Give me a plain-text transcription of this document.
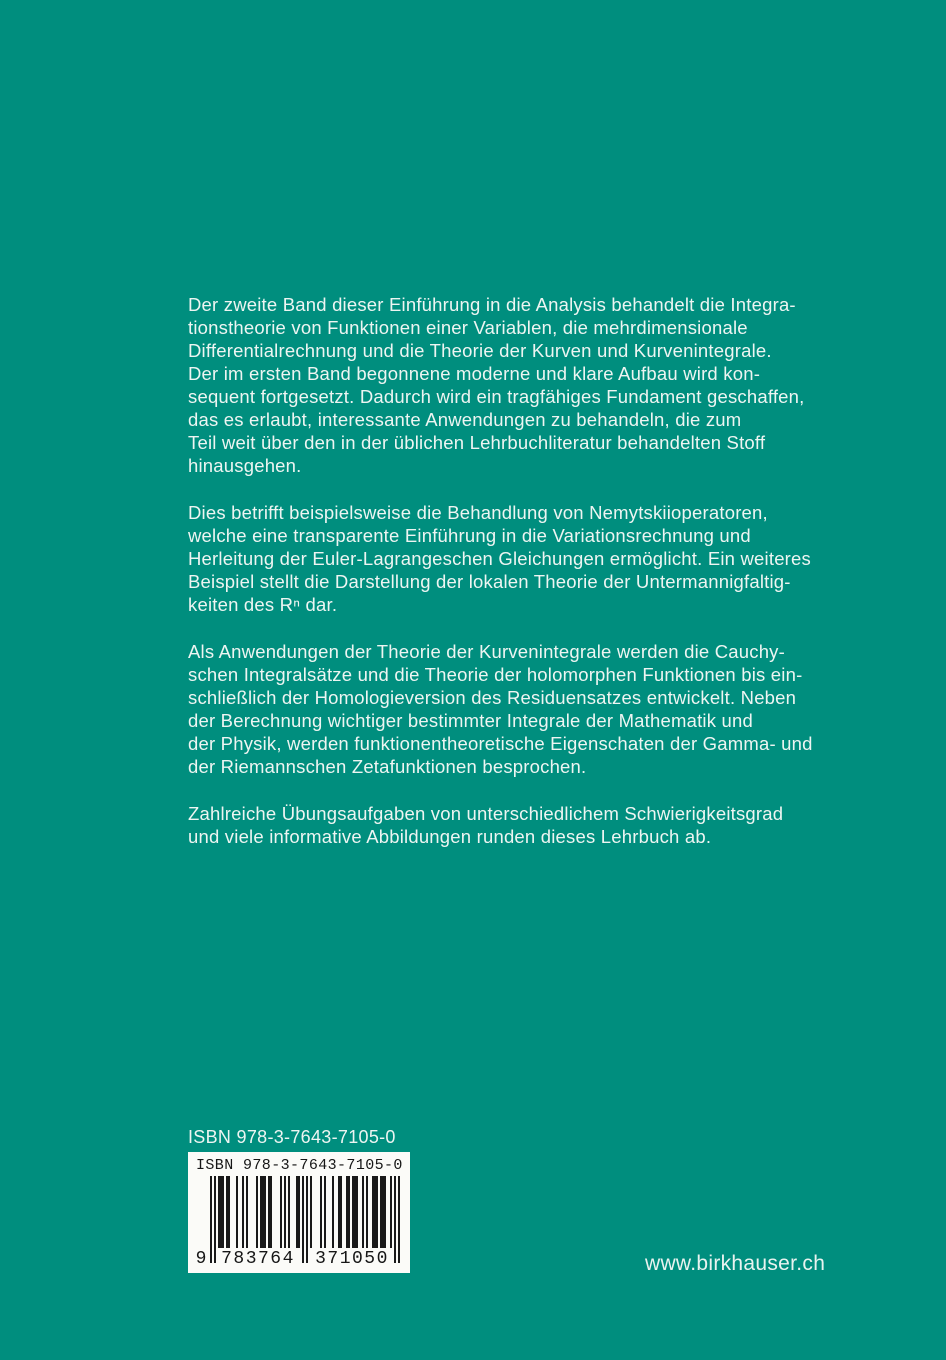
Der zweite Band dieser Einführung in die Analysis behandelt die Integra-
tionstheorie von Funktionen einer Variablen, die mehrdimensionale
Differentialrechnung und die Theorie der Kurven und Kurvenintegrale.
Der im ersten Band begonnene moderne und klare Aufbau wird kon-
sequent fortgesetzt. Dadurch wird ein tragfähiges Fundament geschaffen,
das es erlaubt, interessante Anwendungen zu behandeln, die zum
Teil weit über den in der üblichen Lehrbuchliteratur behandelten Stoff
hinausgehen.

Dies betrifft beispielsweise die Behandlung von Nemytskiioperatoren,
welche eine transparente Einführung in die Variationsrechnung und
Herleitung der Euler-Lagrangeschen Gleichungen ermöglicht. Ein weiteres
Beispiel stellt die Darstellung der lokalen Theorie der Untermannigfaltig-
keiten des Rⁿ dar.

Als Anwendungen der Theorie der Kurvenintegrale werden die Cauchy-
schen Integralsätze und die Theorie der holomorphen Funktionen bis ein-
schließlich der Homologieversion des Residuensatzes entwickelt. Neben
der Berechnung wichtiger bestimmter Integrale der Mathematik und
der Physik, werden funktionentheoretische Eigenschaten der Gamma- und
der Riemannschen Zetafunktionen besprochen.

Zahlreiche Übungsaufgaben von unterschiedlichem Schwierigkeitsgrad
und viele informative Abbildungen runden dieses Lehrbuch ab.

ISBN 978-3-7643-7105-0
ISBN 978-3-7643-7105-0
9 783764 371050	www.birkhauser.ch
